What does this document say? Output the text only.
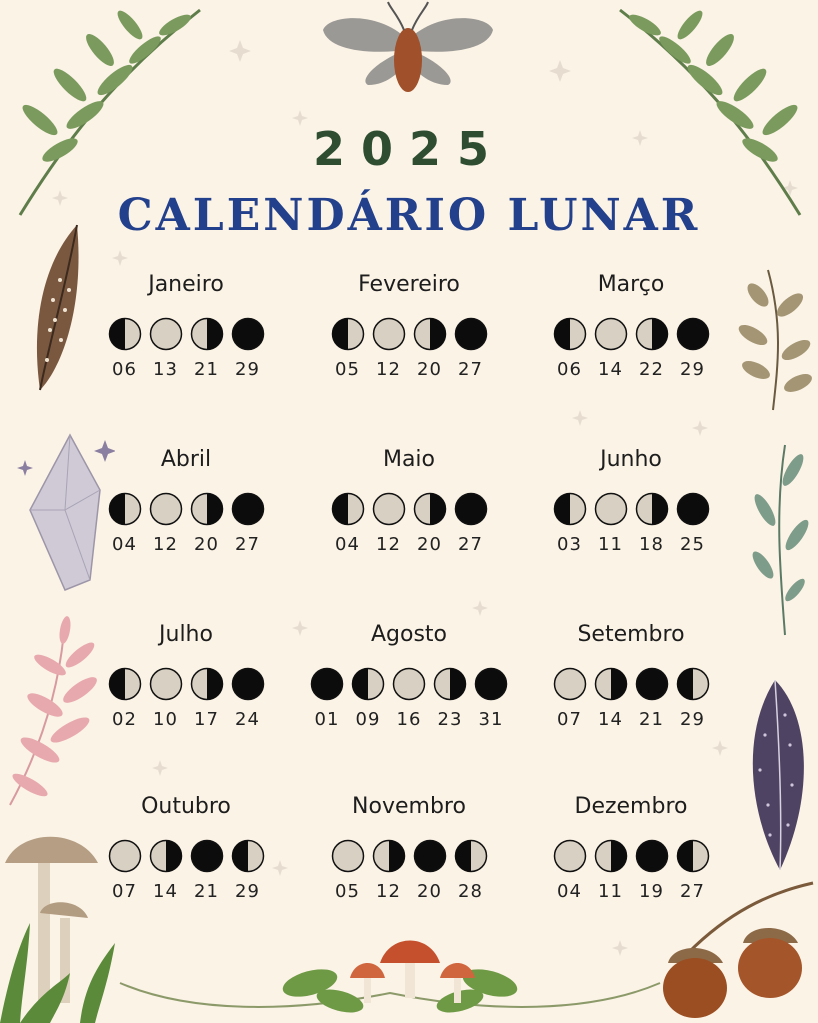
2025
CALENDÁRIO LUNAR
Janeiro
06 13 21 29
Fevereiro
05 12 20 27
Março
06 14 22 29
Abril
04 12 20 27
Maio
04 12 20 27
Junho
03 11 18 25
Julho
02 10 17 24
Agosto
01 09 16 23 31
Setembro
07 14 21 29
Outubro
07 14 21 29
Novembro
05 12 20 28
Dezembro
04 11 19 27
